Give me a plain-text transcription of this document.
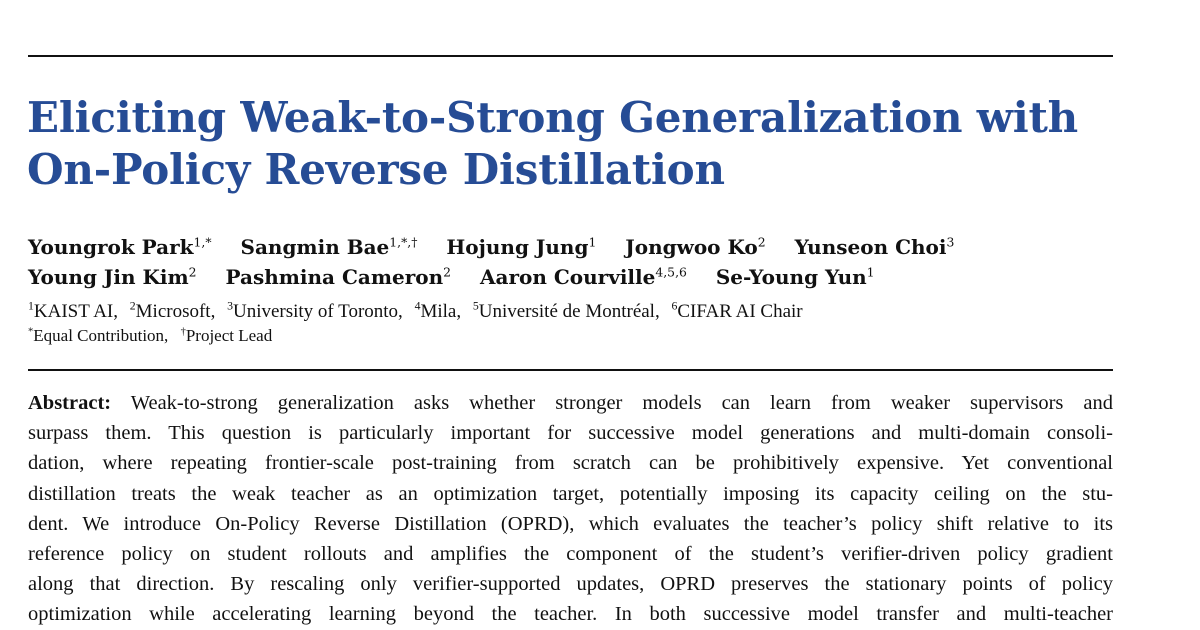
Eliciting Weak-to-Strong Generalization with
On-Policy Reverse Distillation
Youngrok Park$^{1,*}$ Sangmin Bae$^{1,*,\dagger}$ Hojung Jung$^1$ Jongwoo Ko$^2$ Yunseon Choi$^3$
Young Jin Kim$^2$ Pashmina Cameron$^2$ Aaron Courville$^{4,5,6}$ Se-Young Yun$^1$
$^1$KAIST AI, $^2$Microsoft, $^3$University of Toronto, $^4$Mila, $^5$Université de Montréal, $^6$CIFAR AI Chair
*Equal Contribution, †Project Lead
Abstract: Weak-to-strong generalization asks whether stronger models can learn from weaker supervisors and
surpass them. This question is particularly important for successive model generations and multi-domain consoli-
dation, where repeating frontier-scale post-training from scratch can be prohibitively expensive. Yet conventional
distillation treats the weak teacher as an optimization target, potentially imposing its capacity ceiling on the stu-
dent. We introduce On-Policy Reverse Distillation (OPRD), which evaluates the teacher’s policy shift relative to its
reference policy on student rollouts and amplifies the component of the student’s verifier-driven policy gradient
along that direction. By rescaling only verifier-supported updates, OPRD preserves the stationary points of policy
optimization while accelerating learning beyond the teacher. In both successive model transfer and multi-teacher
